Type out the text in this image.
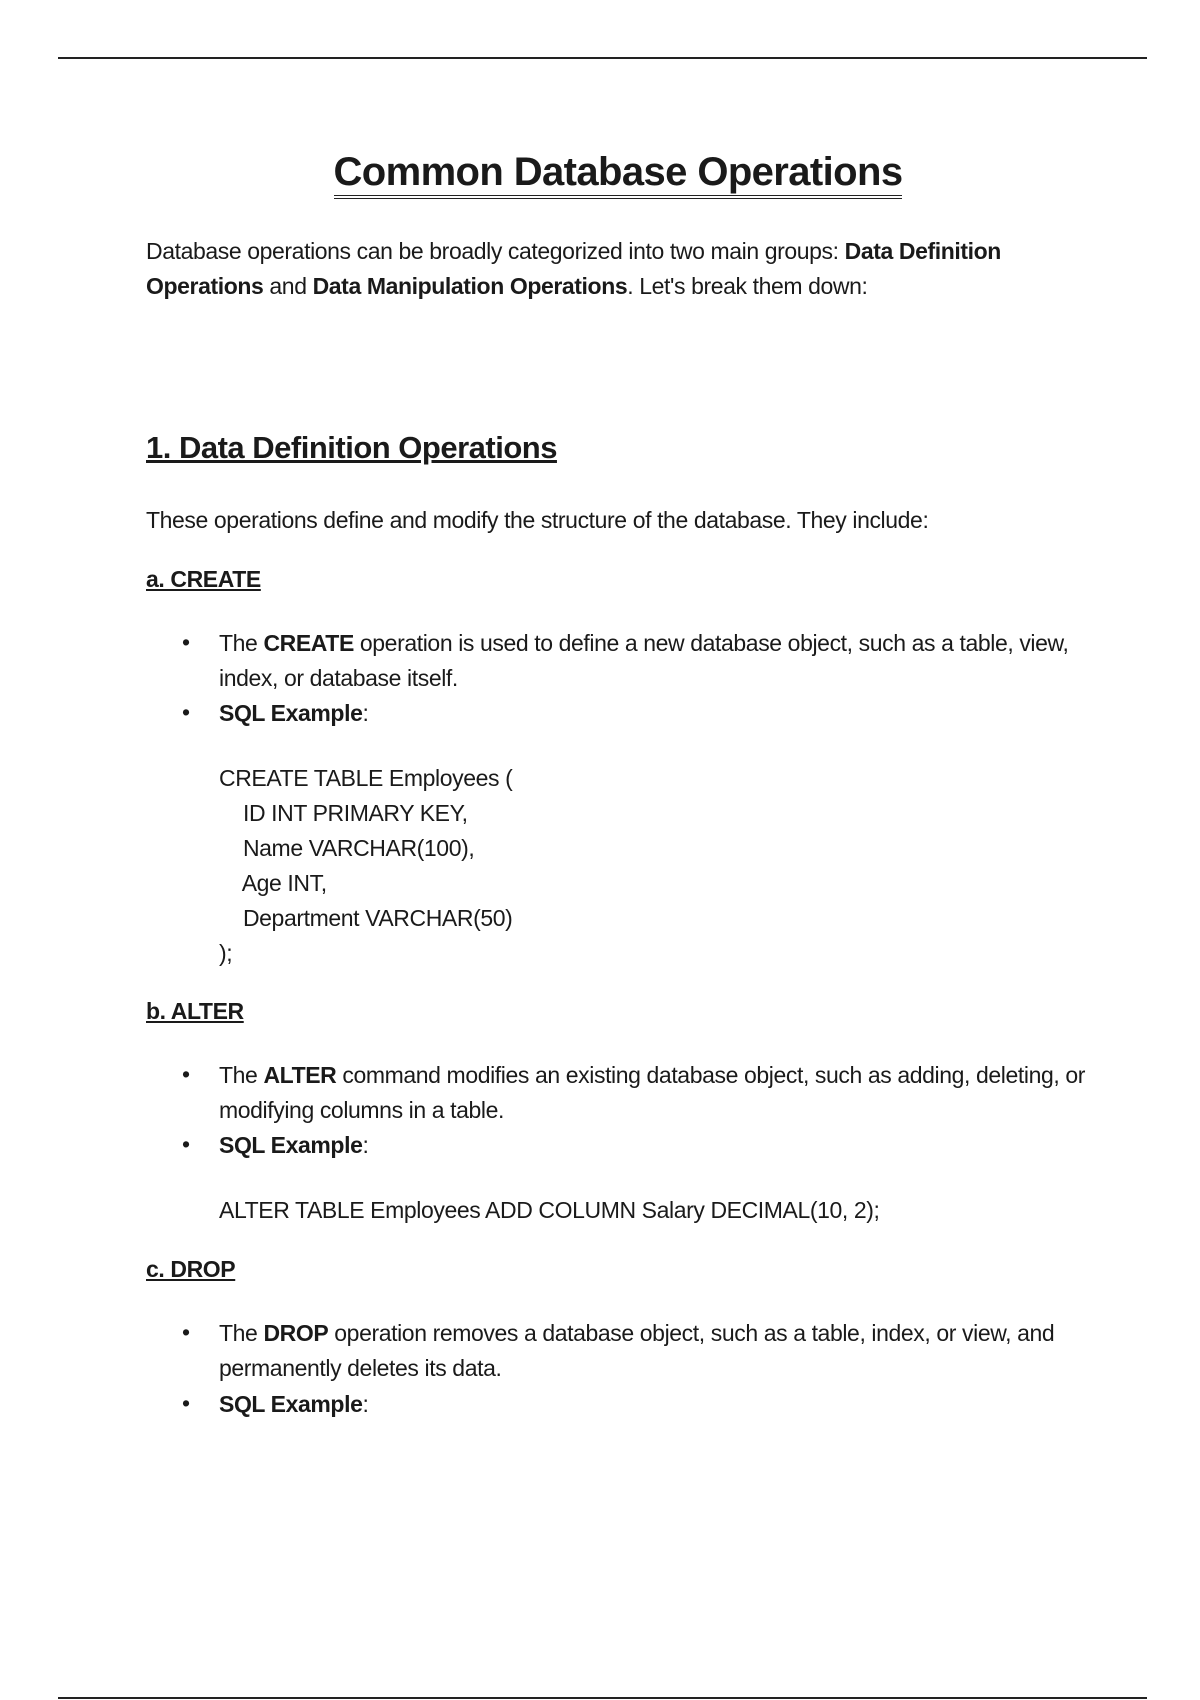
Common Database Operations
Database operations can be broadly categorized into two main groups: Data Definition Operations and Data Manipulation Operations. Let's break them down:
1. Data Definition Operations
These operations define and modify the structure of the database. They include:
a. CREATE
• The CREATE operation is used to define a new database object, such as a table, view, index, or database itself.
• SQL Example:
CREATE TABLE Employees (
ID INT PRIMARY KEY,
Name VARCHAR(100),
Age INT,
Department VARCHAR(50)
);
b. ALTER
• The ALTER command modifies an existing database object, such as adding, deleting, or modifying columns in a table.
• SQL Example:
ALTER TABLE Employees ADD COLUMN Salary DECIMAL(10, 2);
c. DROP
• The DROP operation removes a database object, such as a table, index, or view, and permanently deletes its data.
• SQL Example:
